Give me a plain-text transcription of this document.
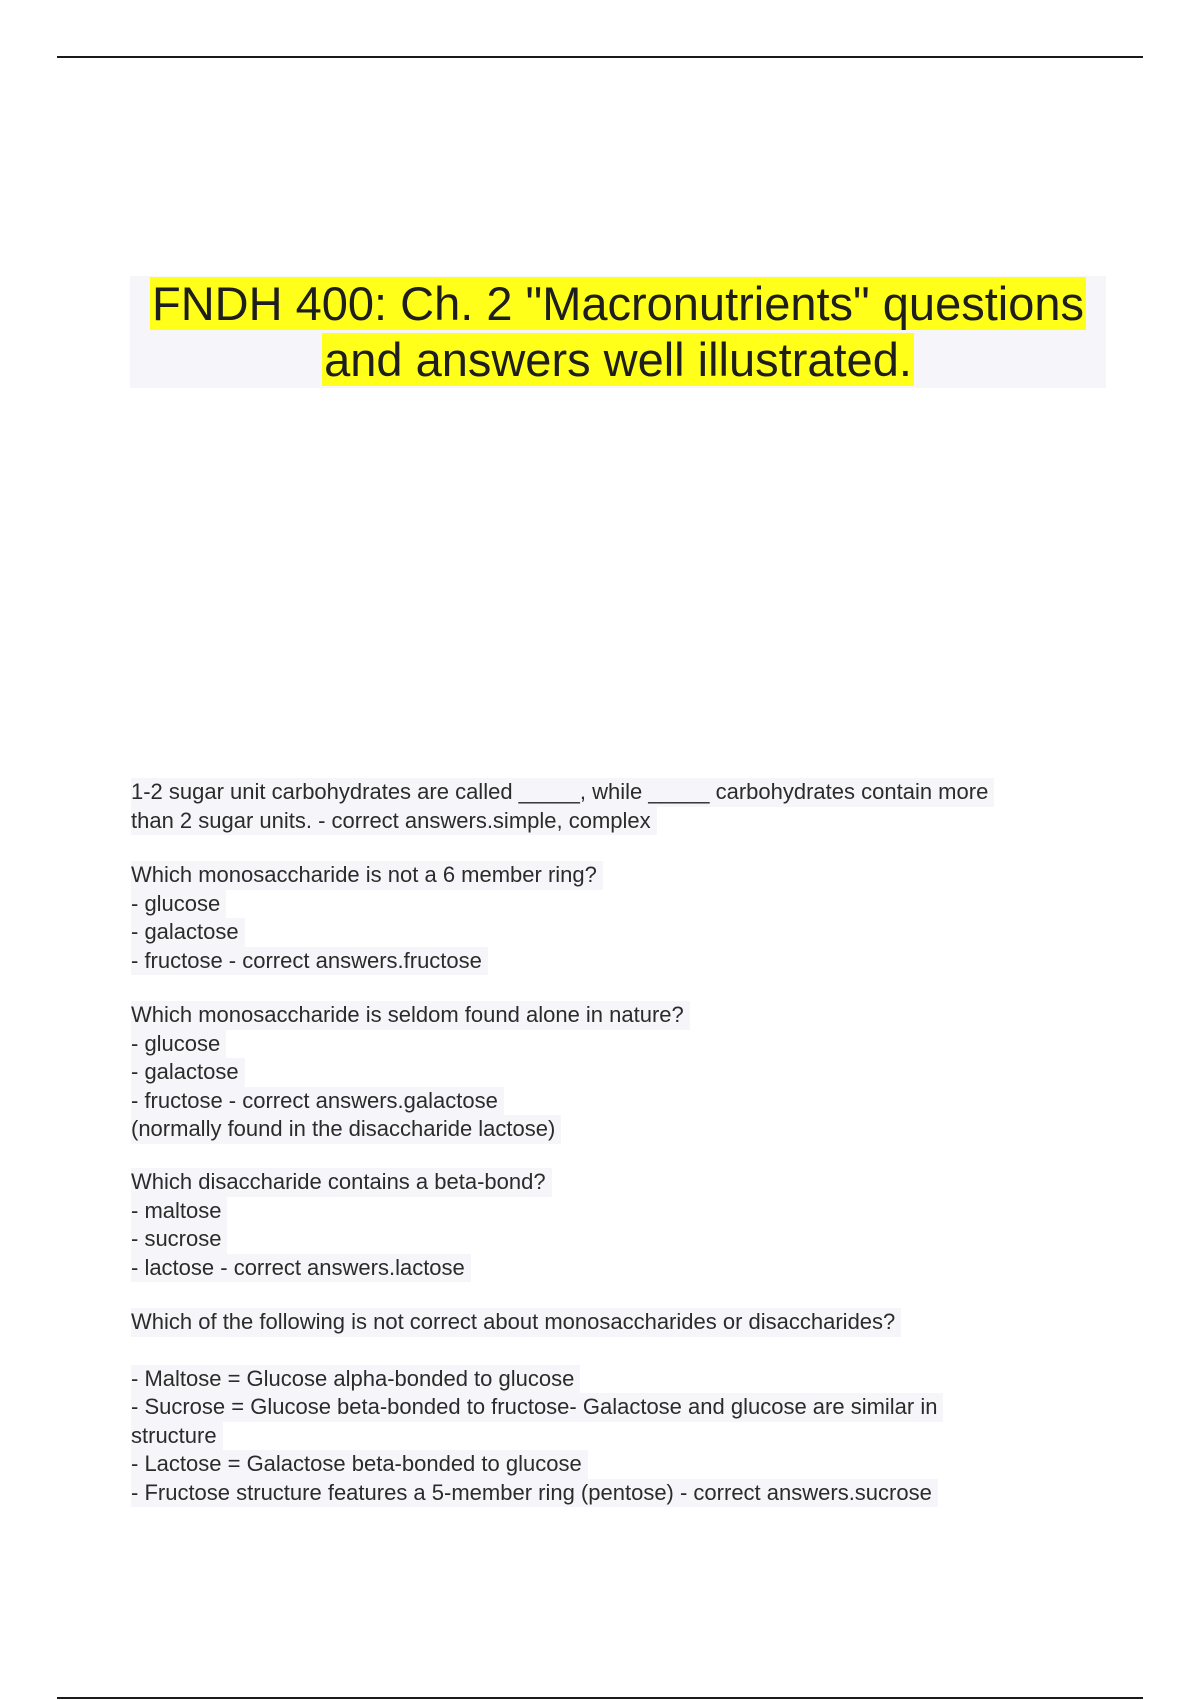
FNDH 400: Ch. 2 "Macronutrients" questions
and answers well illustrated.
1-2 sugar unit carbohydrates are called _____, while _____ carbohydrates contain more
than 2 sugar units. - correct answers.simple, complex
Which monosaccharide is not a 6 member ring?
- glucose
- galactose
- fructose - correct answers.fructose
Which monosaccharide is seldom found alone in nature?
- glucose
- galactose
- fructose - correct answers.galactose
(normally found in the disaccharide lactose)
Which disaccharide contains a beta-bond?
- maltose
- sucrose
- lactose - correct answers.lactose
Which of the following is not correct about monosaccharides or disaccharides?
- Maltose = Glucose alpha-bonded to glucose
- Sucrose = Glucose beta-bonded to fructose- Galactose and glucose are similar in
structure
- Lactose = Galactose beta-bonded to glucose
- Fructose structure features a 5-member ring (pentose) - correct answers.sucrose
